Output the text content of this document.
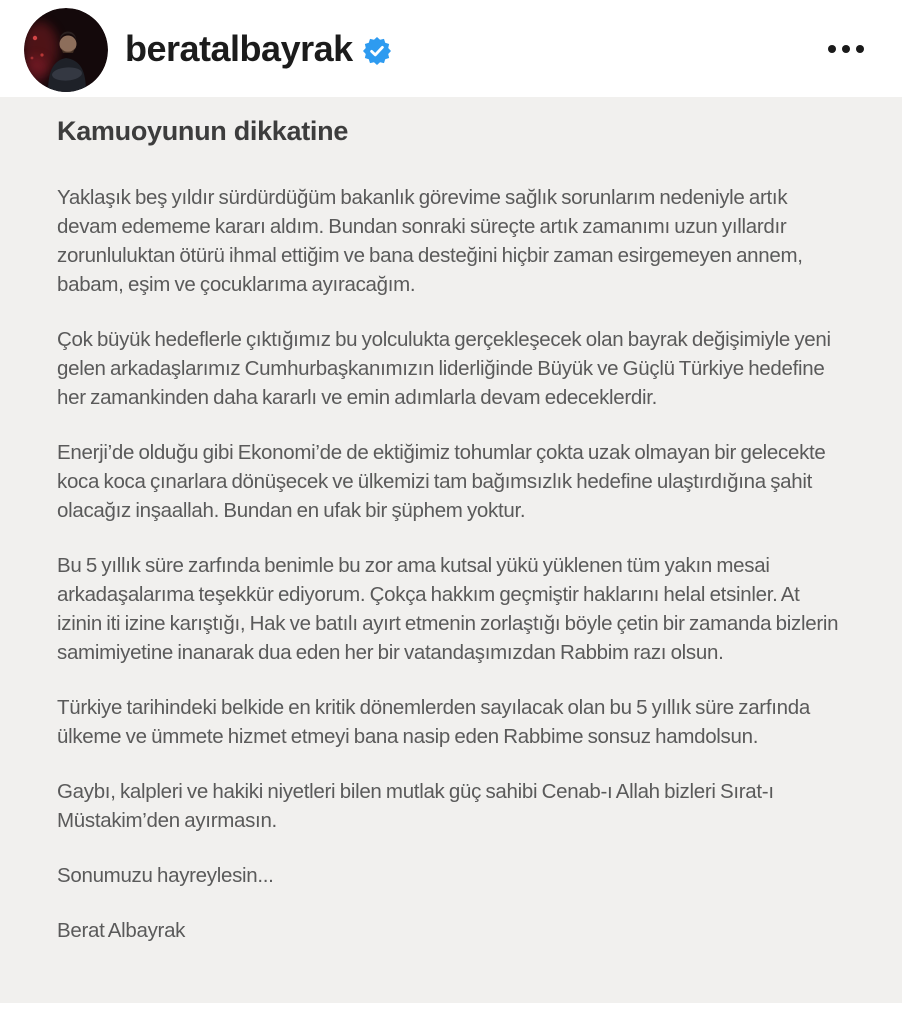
beratalbayrak
Kamuoyunun dikkatine

Yaklaşık beş yıldır sürdürdüğüm bakanlık görevime sağlık sorunlarım nedeniyle artık devam edememe kararı aldım. Bundan sonraki süreçte artık zamanımı uzun yıllardır zorunluluktan ötürü ihmal ettiğim ve bana desteğini hiçbir zaman esirgemeyen annem, babam, eşim ve çocuklarıma ayıracağım.

Çok büyük hedeflerle çıktığımız bu yolculukta gerçekleşecek olan bayrak değişimiyle yeni gelen arkadaşlarımız Cumhurbaşkanımızın liderliğinde Büyük ve Güçlü Türkiye hedefine her zamankinden daha kararlı ve emin adımlarla devam edeceklerdir.

Enerji’de olduğu gibi Ekonomi’de de ektiğimiz tohumlar çokta uzak olmayan bir gelecekte koca koca çınarlara dönüşecek ve ülkemizi tam bağımsızlık hedefine ulaştırdığına şahit olacağız inşaallah. Bundan en ufak bir şüphem yoktur.

Bu 5 yıllık süre zarfında benimle bu zor ama kutsal yükü yüklenen tüm yakın mesai arkadaşalarıma teşekkür ediyorum. Çokça hakkım geçmiştir haklarını helal etsinler. At izinin iti izine karıştığı, Hak ve batılı ayırt etmenin zorlaştığı böyle çetin bir zamanda bizlerin samimiyetine inanarak dua eden her bir vatandaşımızdan Rabbim razı olsun.

Türkiye tarihindeki belkide en kritik dönemlerden sayılacak olan bu 5 yıllık süre zarfında ülkeme ve ümmete hizmet etmeyi bana nasip eden Rabbime sonsuz hamdolsun.

Gaybı, kalpleri ve hakiki niyetleri bilen mutlak güç sahibi Cenab-ı Allah bizleri Sırat-ı Müstakim’den ayırmasın.

Sonumuzu hayreylesin...

Berat Albayrak
